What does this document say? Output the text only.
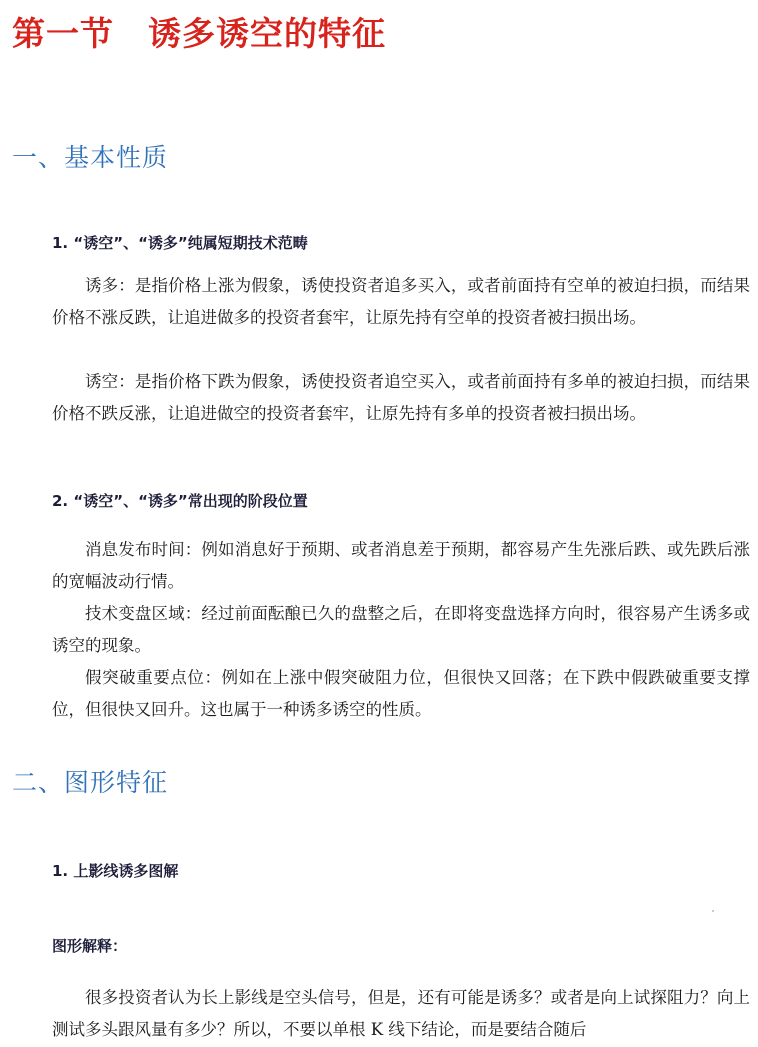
第一节 诱多诱空的特征
一、基本性质
1. “诱空”、“诱多”纯属短期技术范畴

诱多：是指价格上涨为假象，诱使投资者追多买入，或者前面持有空单的被迫扫损，而结果价格不涨反跌，让追进做多的投资者套牢，让原先持有空单的投资者被扫损出场。

诱空：是指价格下跌为假象，诱使投资者追空买入，或者前面持有多单的被迫扫损，而结果价格不跌反涨，让追进做空的投资者套牢，让原先持有多单的投资者被扫损出场。

2. “诱空”、“诱多”常出现的阶段位置

消息发布时间：例如消息好于预期、或者消息差于预期，都容易产生先涨后跌、或先跌后涨的宽幅波动行情。

技术变盘区域：经过前面酝酿已久的盘整之后，在即将变盘选择方向时，很容易产生诱多或诱空的现象。

假突破重要点位：例如在上涨中假突破阻力位，但很快又回落；在下跌中假跌破重要支撑位，但很快又回升。这也属于一种诱多诱空的性质。

二、图形特征
1. 上影线诱多图解

图形解释：

很多投资者认为长上影线是空头信号，但是，还有可能是诱多？或者是向上试探阻力？向上测试多头跟风量有多少？所以，不要以单根 K 线下结论，而是要结合随后
